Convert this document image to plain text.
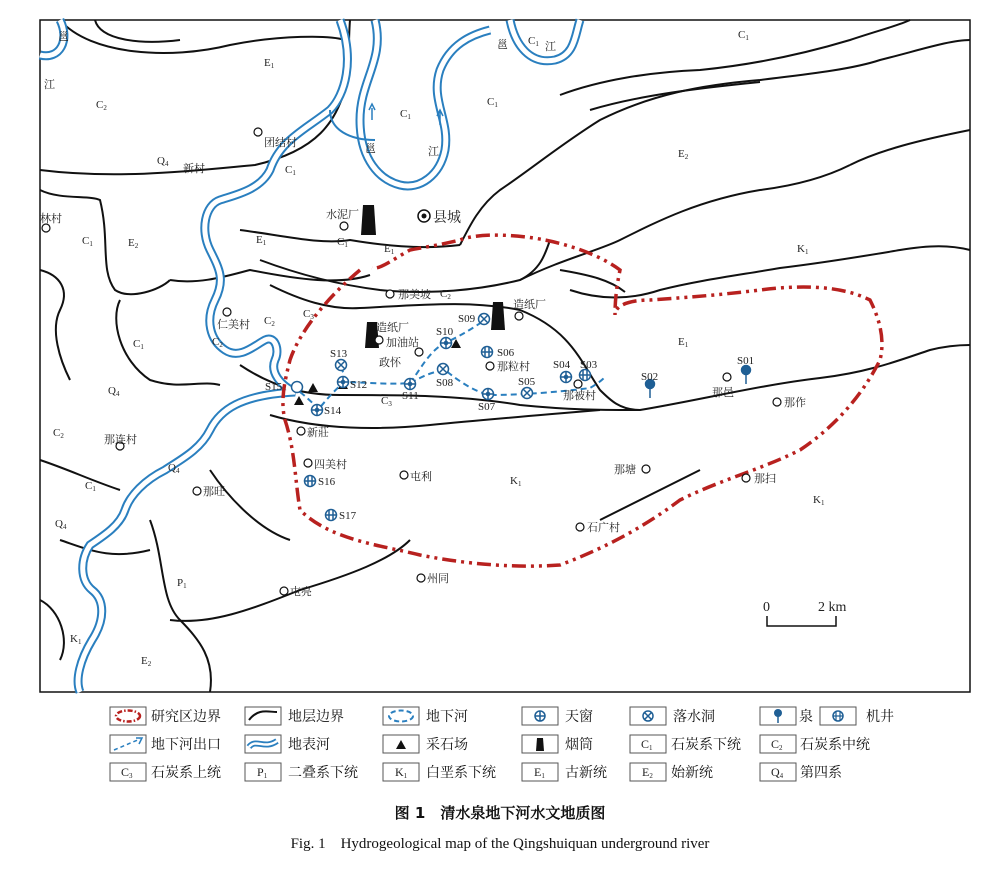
E1
C2
Q4	C1
C1
C1
C1
C1
E2
K1
C1	E2	E1	C1	E1
C2
C3
C2
C2
C1
Q4
E1
C3
C2
Q4
C1
K1
K1
Q4
P1
K1
E2
邕
江
邕	江
邕	江
团结村
新村
林村	水泥厂	县城
那美坡
仁美村	造纸厂
造纸厂
加油站
政怀	那粒村
那被村	那邑
那作
新莊
那连村
四美村
屯利
那塘
那扫
那旺
石广村
州同
屯亮
S01
S02
S03
S04
S05
S06
S07
S08
S09
S10
S11
S12
S13
S14
S15
S16
S17
0	2 km
研究区边界	地层边界	地下河	天窗	落水洞	泉	机井
地下河出口	地表河	采石场	烟筒	C1 石炭系下统	C2 石炭系中统
C3 石炭系上统	P1 二叠系下统	K1 白垩系下统	E1 古新统	E2 始新统	Q4 第四系
图 1　清水泉地下河水文地质图
Fig. 1　Hydrogeological map of the Qingshuiquan underground river
